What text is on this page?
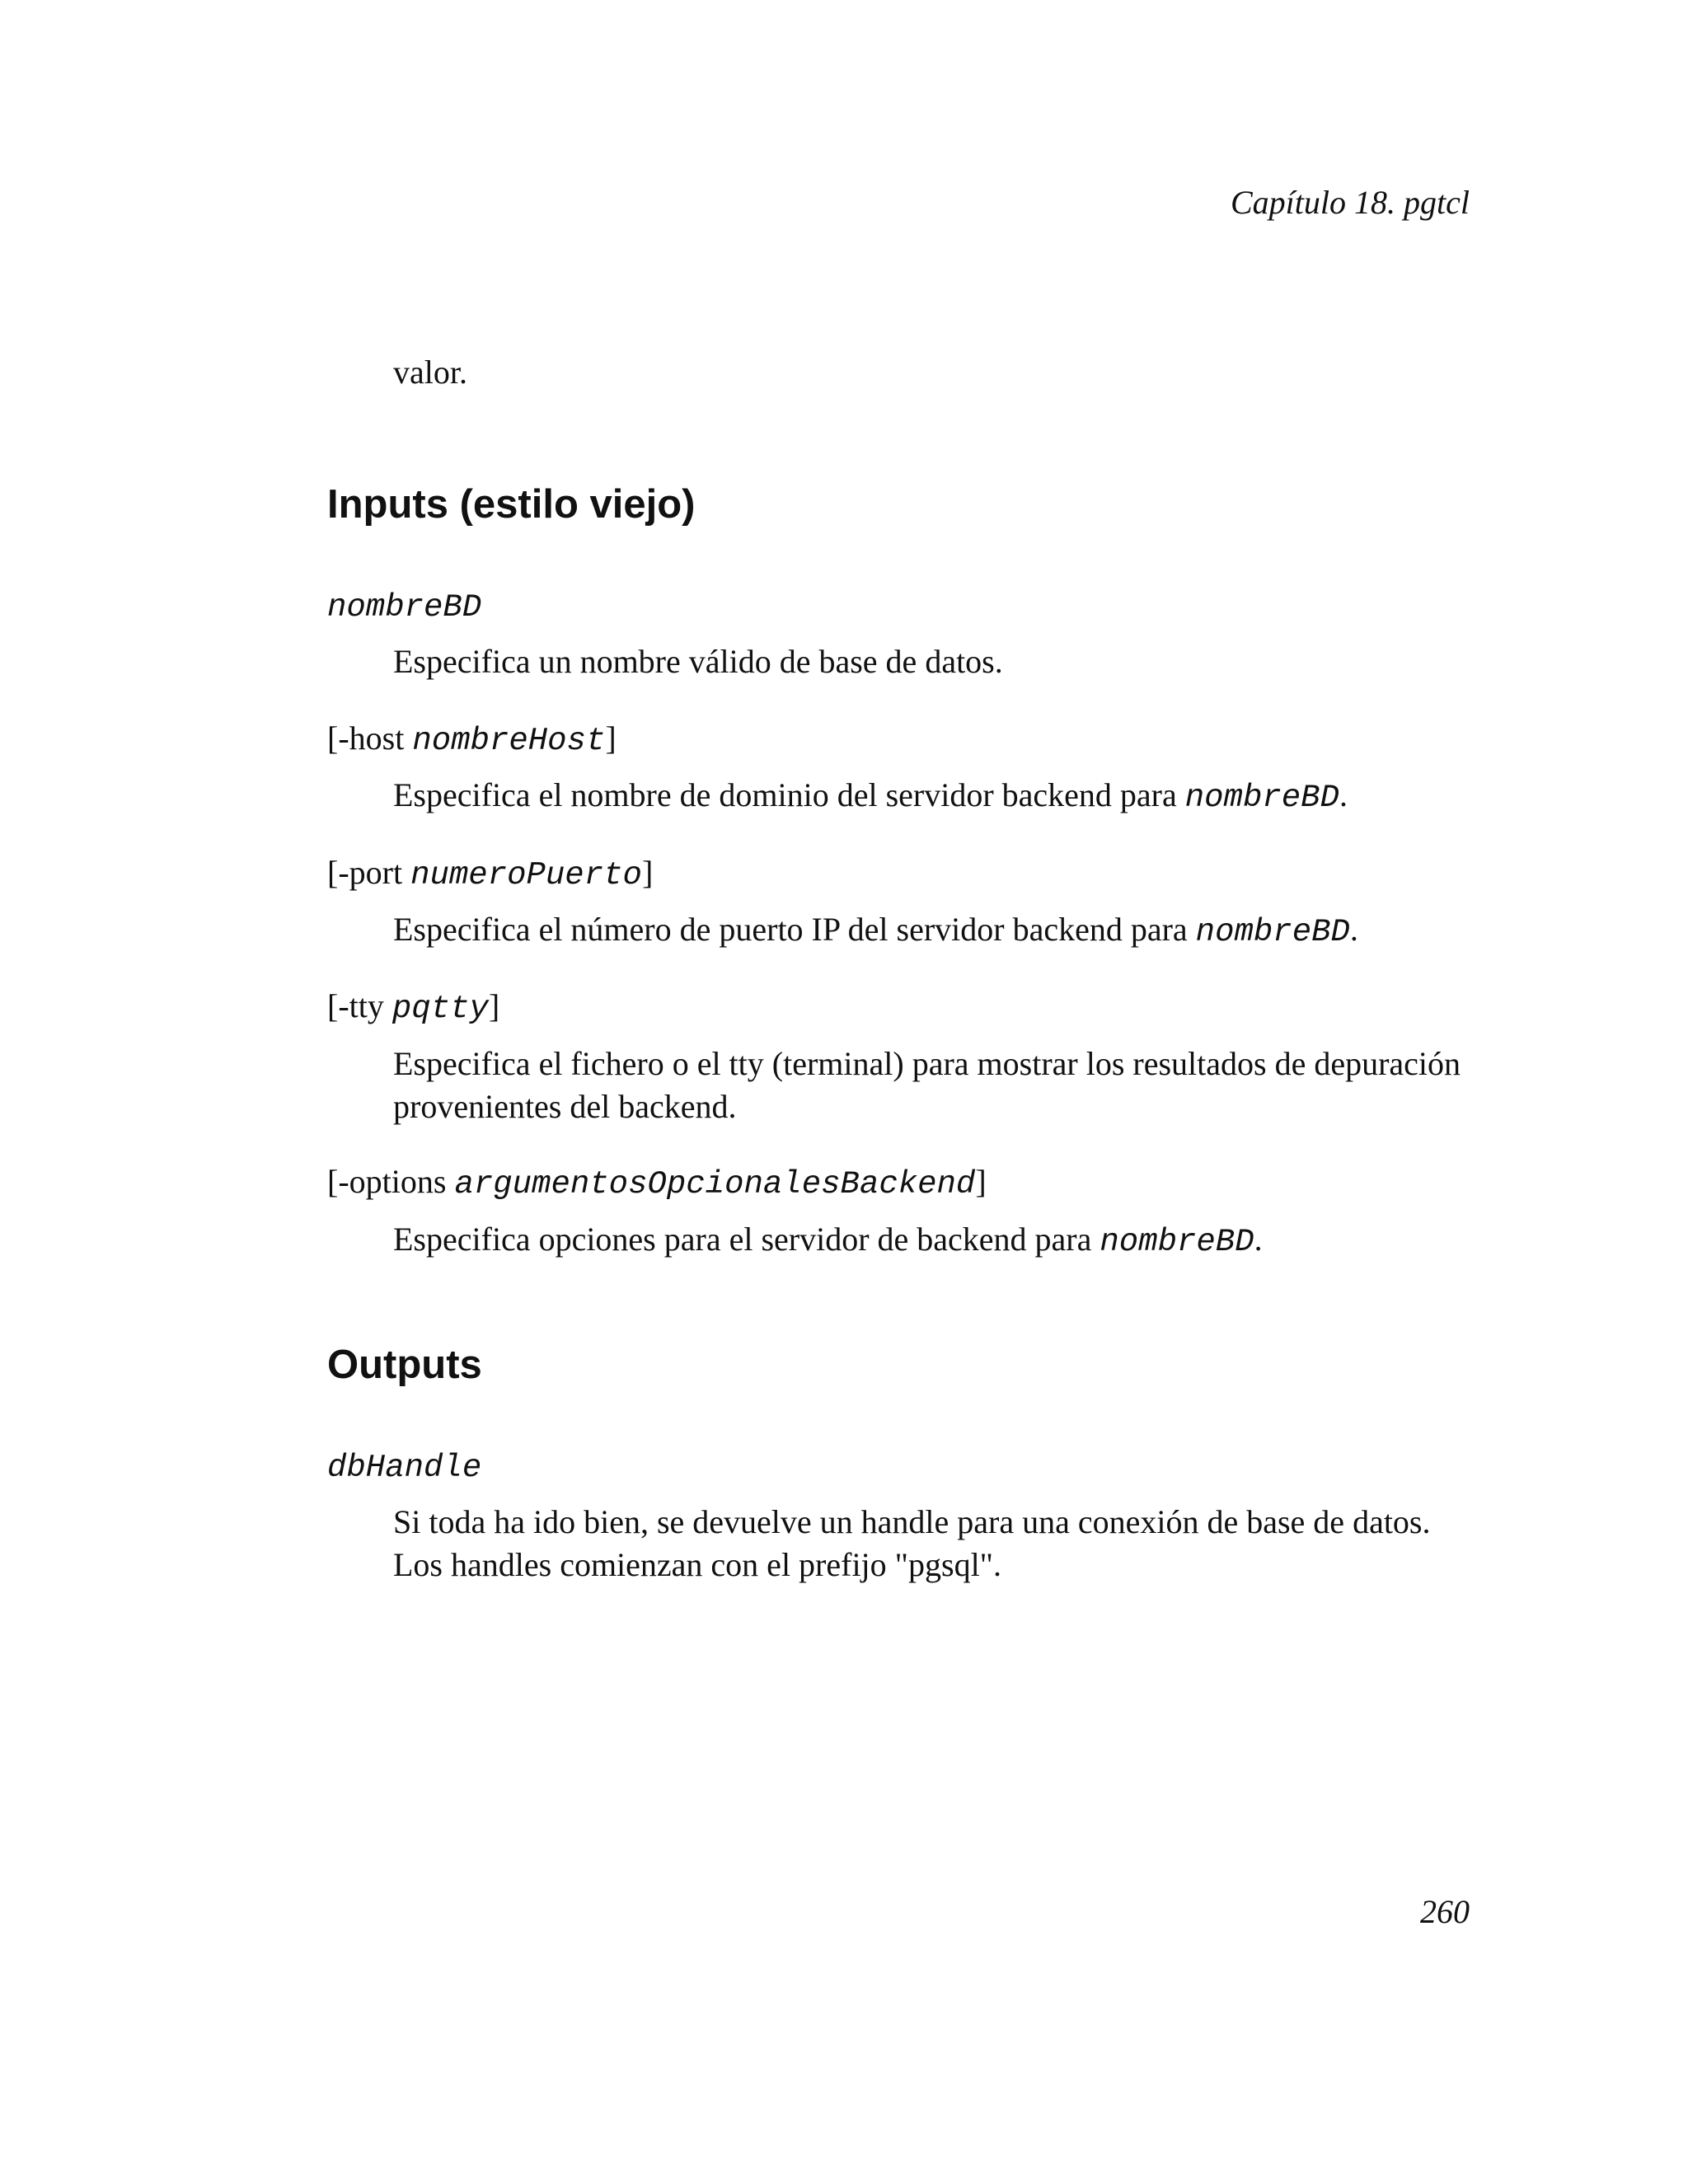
Capítulo 18. pgtcl
valor.
Inputs (estilo viejo)
nombreBD
Especifica un nombre válido de base de datos.
[-host nombreHost]
Especifica el nombre de dominio del servidor backend para nombreBD.
[-port numeroPuerto]
Especifica el número de puerto IP del servidor backend para nombreBD.
[-tty pqtty]
Especifica el fichero o el tty (terminal) para mostrar los resultados de depuración provenientes del backend.
[-options argumentosOpcionalesBackend]
Especifica opciones para el servidor de backend para nombreBD.
Outputs
dbHandle
Si toda ha ido bien, se devuelve un handle para una conexión de base de datos. Los handles comienzan con el prefijo "pgsql".
260
